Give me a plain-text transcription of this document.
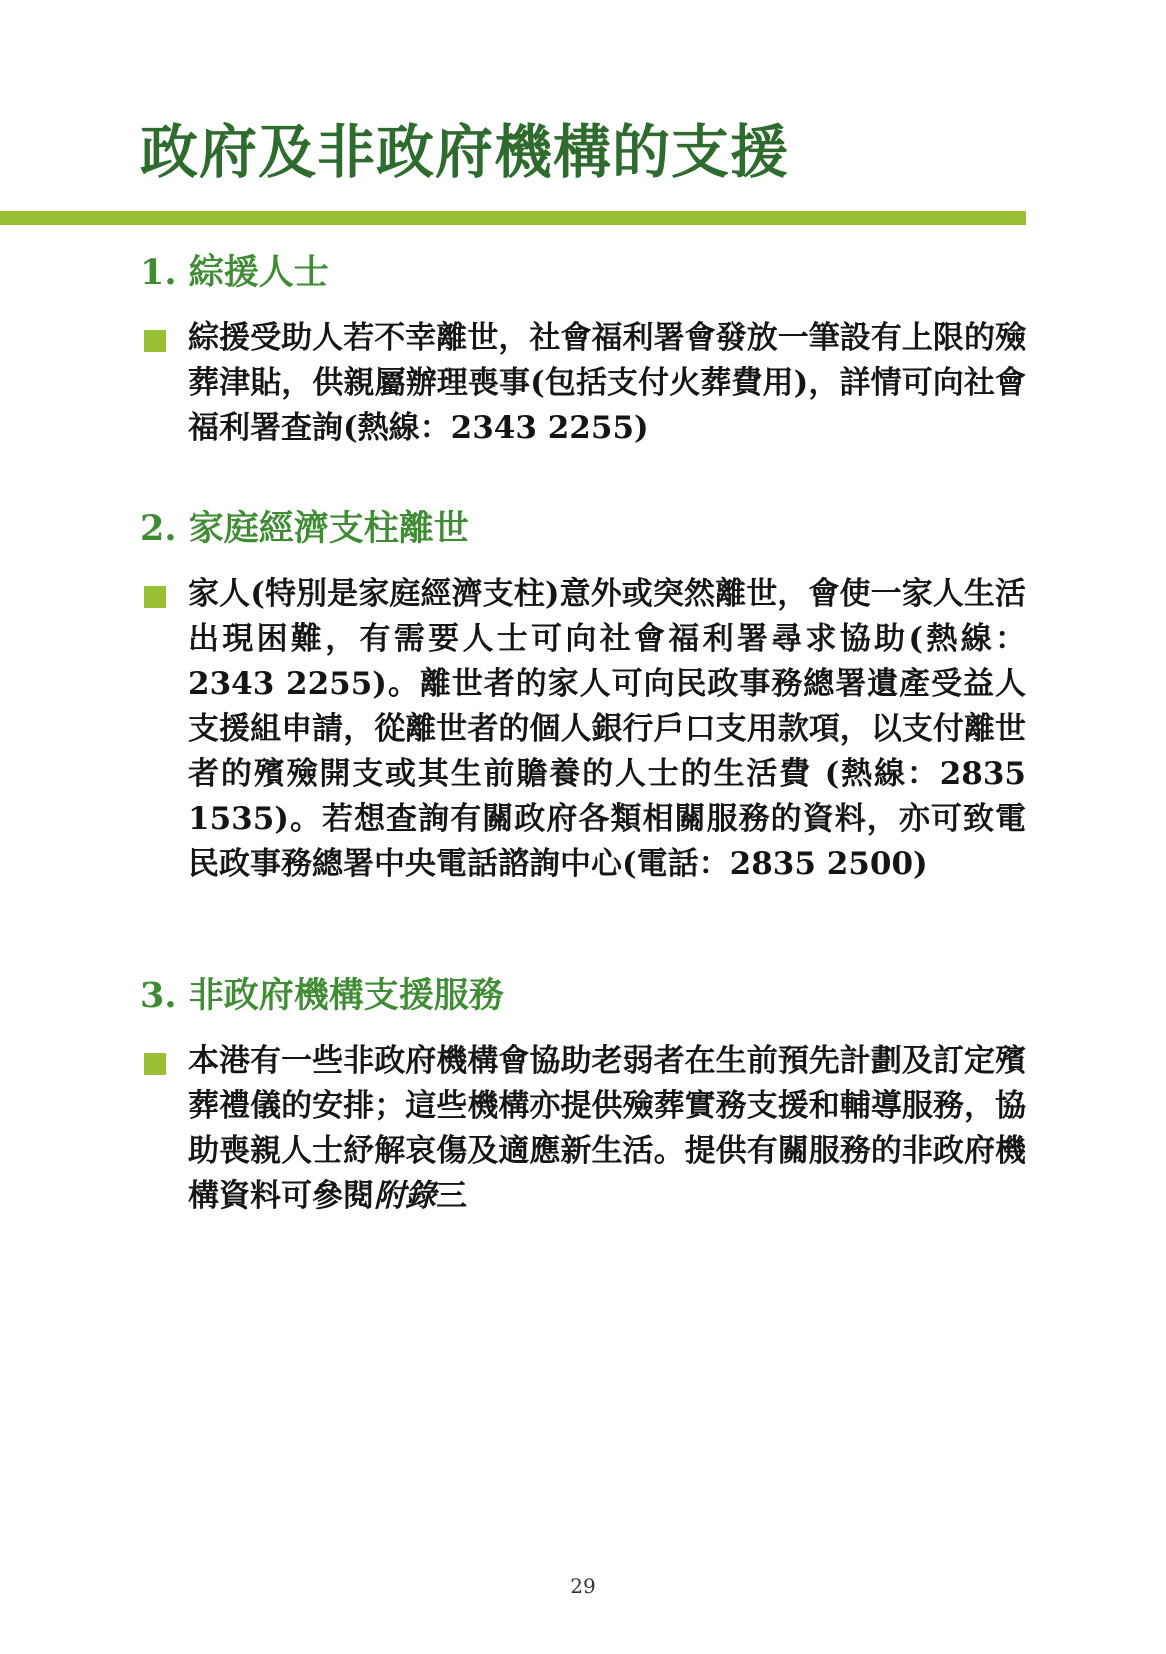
政府及非政府機構的支援
1. 綜援人士
綜援受助人若不幸離世，社會福利署會發放一筆設有上限的殮葬津貼，供親屬辦理喪事(包括支付火葬費用)，詳情可向社會福利署查詢(熱線：2343 2255)
2. 家庭經濟支柱離世
家人(特別是家庭經濟支柱)意外或突然離世，會使一家人生活出現困難，有需要人士可向社會福利署尋求協助(熱線：2343 2255)。離世者的家人可向民政事務總署遺產受益人支援組申請，從離世者的個人銀行戶口支用款項，以支付離世者的殯殮開支或其生前贍養的人士的生活費 (熱線：2835 1535)。若想查詢有關政府各類相關服務的資料，亦可致電民政事務總署中央電話諮詢中心(電話：2835 2500)
3. 非政府機構支援服務
本港有一些非政府機構會協助老弱者在生前預先計劃及訂定殯葬禮儀的安排；這些機構亦提供殮葬實務支援和輔導服務，協助喪親人士紓解哀傷及適應新生活。提供有關服務的非政府機構資料可參閱附錄三
29
